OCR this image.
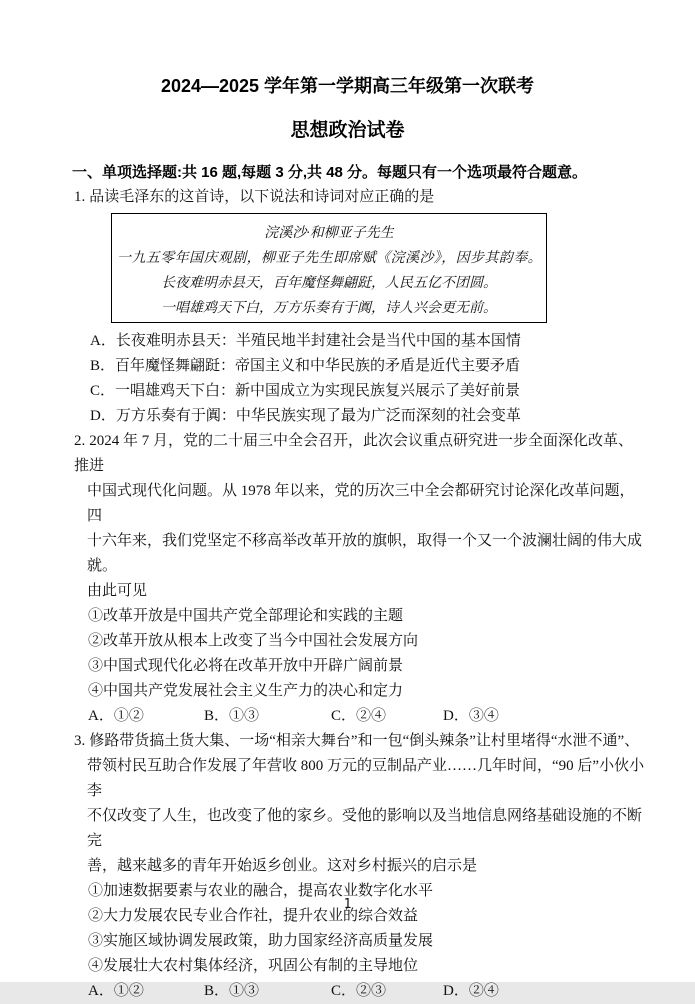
2024—2025 学年第一学期高三年级第一次联考
思想政治试卷

一、单项选择题:共 16 题,每题 3 分,共 48 分。每题只有一个选项最符合题意。

1. 品读毛泽东的这首诗，以下说法和诗词对应正确的是

浣溪沙·和柳亚子先生

一九五零年国庆观剧，柳亚子先生即席赋《浣溪沙》，因步其韵奉。

长夜难明赤县天，百年魔怪舞翩跹，人民五亿不团圆。

一唱雄鸡天下白，万方乐奏有于阗，诗人兴会更无前。

A．长夜难明赤县天：半殖民地半封建社会是当代中国的基本国情

B．百年魔怪舞翩跹：帝国主义和中华民族的矛盾是近代主要矛盾

C．一唱雄鸡天下白：新中国成立为实现民族复兴展示了美好前景

D．万方乐奏有于阗：中华民族实现了最为广泛而深刻的社会变革

2. 2024 年 7 月，党的二十届三中全会召开，此次会议重点研究进一步全面深化改革、推进

中国式现代化问题。从 1978 年以来，党的历次三中全会都研究讨论深化改革问题，四

十六年来，我们党坚定不移高举改革开放的旗帜，取得一个又一个波澜壮阔的伟大成就。

由此可见

①改革开放是中国共产党全部理论和实践的主题

②改革开放从根本上改变了当今中国社会发展方向

③中国式现代化必将在改革开放中开辟广阔前景

④中国共产党发展社会主义生产力的决心和定力

A．①②	B．①③	C．②④	D．③④

3. 修路带货搞土货大集、一场“相亲大舞台”和一包“倒头辣条”让村里堵得“水泄不通”、

带领村民互助合作发展了年营收 800 万元的豆制品产业……几年时间，“90 后”小伙小李

不仅改变了人生，也改变了他的家乡。受他的影响以及当地信息网络基础设施的不断完

善，越来越多的青年开始返乡创业。这对乡村振兴的启示是

①加速数据要素与农业的融合，提高农业数字化水平

②大力发展农民专业合作社，提升农业的综合效益

③实施区域协调发展政策，助力国家经济高质量发展

④发展壮大农村集体经济，巩固公有制的主导地位

A．①②	B．①③	C．②③	D．②④

1
